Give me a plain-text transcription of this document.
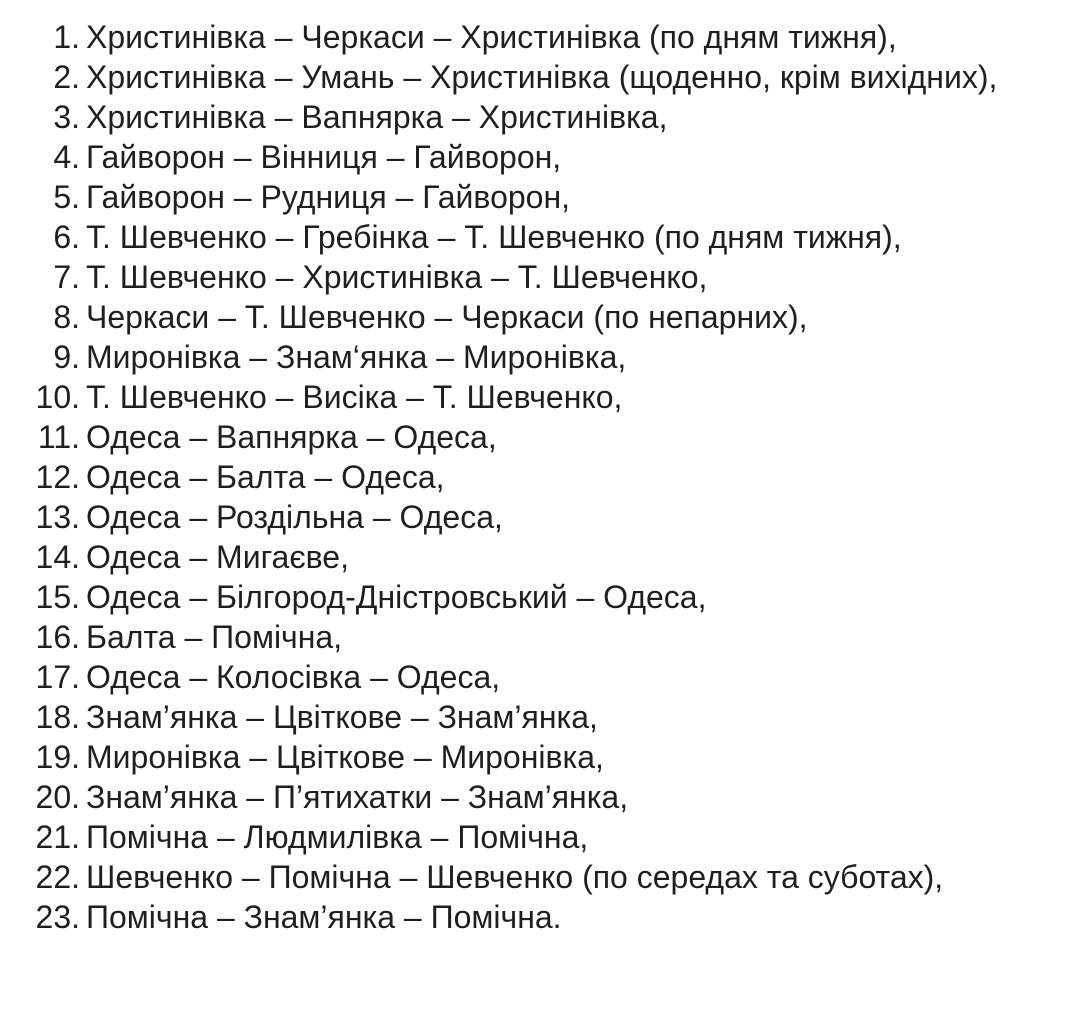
1. Христинівка – Черкаси – Христинівка (по дням тижня),
2. Христинівка – Умань – Христинівка (щоденно, крім вихідних),
3. Христинівка – Вапнярка – Христинівка,
4. Гайворон – Вінниця – Гайворон,
5. Гайворон – Рудниця – Гайворон,
6. Т. Шевченко – Гребінка – Т. Шевченко (по дням тижня),
7. Т. Шевченко – Христинівка – Т. Шевченко,
8. Черкаси – Т. Шевченко – Черкаси (по непарних),
9. Миронівка – Знам‘янка – Миронівка,
10. Т. Шевченко – Висіка – Т. Шевченко,
11. Одеса – Вапнярка – Одеса,
12. Одеса – Балта – Одеса,
13. Одеса – Роздільна – Одеса,
14. Одеса – Мигаєве,
15. Одеса – Білгород-Дністровський – Одеса,
16. Балта – Помічна,
17. Одеса – Колосівка – Одеса,
18. Знам’янка – Цвіткове – Знам’янка,
19. Миронівка – Цвіткове – Миронівка,
20. Знам’янка – П’ятихатки – Знам’янка,
21. Помічна – Людмилівка – Помічна,
22. Шевченко – Помічна – Шевченко (по середах та суботах),
23. Помічна – Знам’янка – Помічна.
